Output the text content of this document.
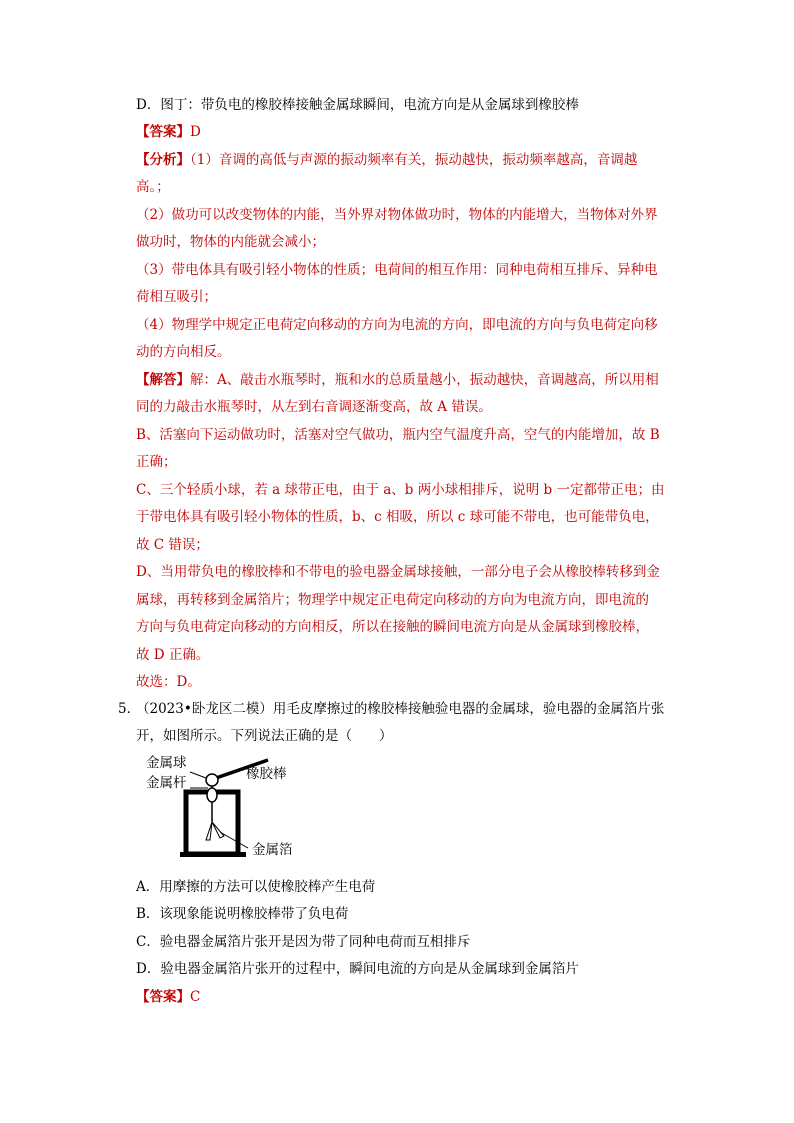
D．图丁：带负电的橡胶棒接触金属球瞬间，电流方向是从金属球到橡胶棒
【答案】D
【分析】（1）音调的高低与声源的振动频率有关，振动越快，振动频率越高，音调越
高。；
（2）做功可以改变物体的内能，当外界对物体做功时，物体的内能增大，当物体对外界
做功时，物体的内能就会减小；
（3）带电体具有吸引轻小物体的性质；电荷间的相互作用：同种电荷相互排斥、异种电
荷相互吸引；
（4）物理学中规定正电荷定向移动的方向为电流的方向，即电流的方向与负电荷定向移
动的方向相反。
【解答】解：A、敲击水瓶琴时，瓶和水的总质量越小，振动越快，音调越高，所以用相
同的力敲击水瓶琴时，从左到右音调逐渐变高，故 A 错误。
B、活塞向下运动做功时，活塞对空气做功，瓶内空气温度升高，空气的内能增加，故 B
正确；
C、三个轻质小球，若 a 球带正电，由于 a、b 两小球相排斥，说明 b 一定都带正电；由
于带电体具有吸引轻小物体的性质，b、c 相吸，所以 c 球可能不带电，也可能带负电，
故 C 错误；
D、当用带负电的橡胶棒和不带电的验电器金属球接触，一部分电子会从橡胶棒转移到金
属球，再转移到金属箔片；物理学中规定正电荷定向移动的方向为电流方向，即电流的
方向与负电荷定向移动的方向相反，所以在接触的瞬间电流方向是从金属球到橡胶棒，
故 D 正确。
故选：D。
5．
（2023•卧龙区二模）用毛皮摩擦过的橡胶棒接触验电器的金属球，验电器的金属箔片张
开，如图所示。下列说法正确的是（　　）
金属球
金属杆
橡胶棒
金属箔
A．用摩擦的方法可以使橡胶棒产生电荷
B．该现象能说明橡胶棒带了负电荷
C．验电器金属箔片张开是因为带了同种电荷而互相排斥
D．验电器金属箔片张开的过程中，瞬间电流的方向是从金属球到金属箔片
【答案】C
